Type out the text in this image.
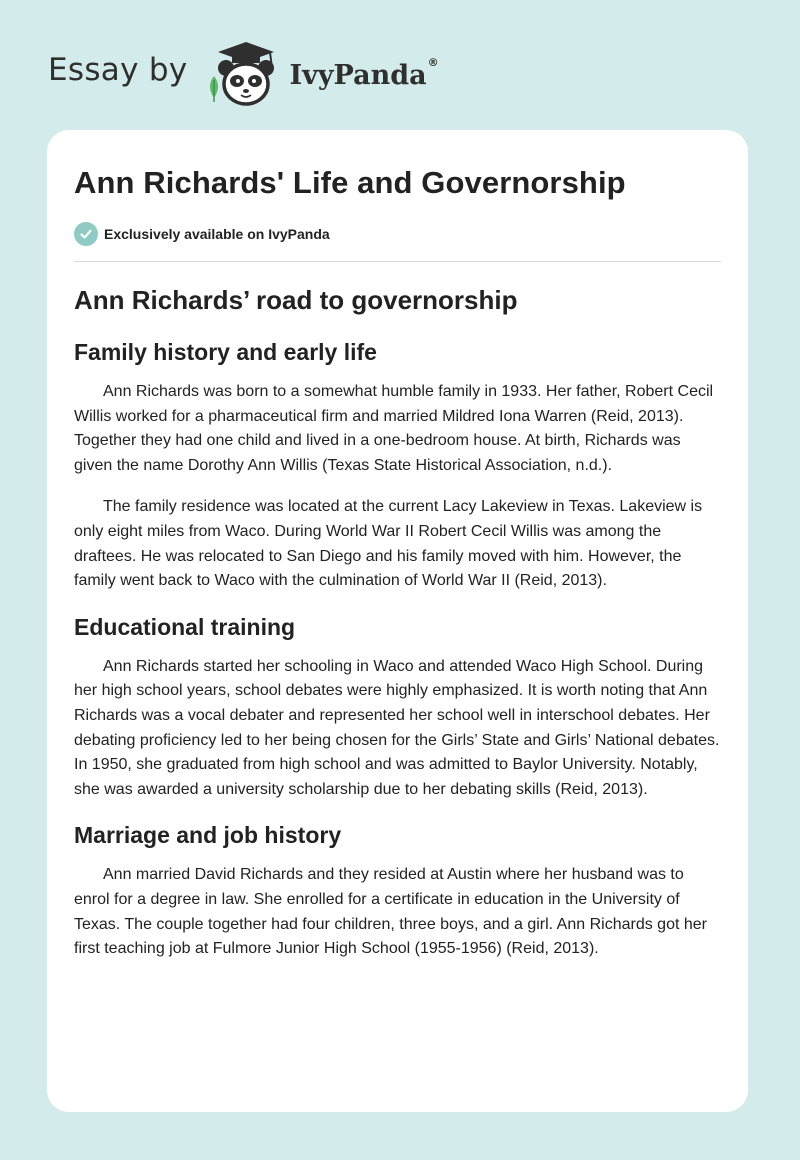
Essay by	IvyPanda®
Ann Richards' Life and Governorship
Exclusively available on IvyPanda
Ann Richards’ road to governorship
Family history and early life

Ann Richards was born to a somewhat humble family in 1933. Her father, Robert Cecil Willis worked for a pharmaceutical firm and married Mildred Iona Warren (Reid, 2013). Together they had one child and lived in a one-bedroom house. At birth, Richards was given the name Dorothy Ann Willis (Texas State Historical Association, n.d.).

The family residence was located at the current Lacy Lakeview in Texas. Lakeview is only eight miles from Waco. During World War II Robert Cecil Willis was among the draftees. He was relocated to San Diego and his family moved with him. However, the family went back to Waco with the culmination of World War II (Reid, 2013).

Educational training

Ann Richards started her schooling in Waco and attended Waco High School. During her high school years, school debates were highly emphasized. It is worth noting that Ann Richards was a vocal debater and represented her school well in interschool debates. Her debating proficiency led to her being chosen for the Girls’ State and Girls’ National debates. In 1950, she graduated from high school and was admitted to Baylor University. Notably, she was awarded a university scholarship due to her debating skills (Reid, 2013).

Marriage and job history

Ann married David Richards and they resided at Austin where her husband was to enrol for a degree in law. She enrolled for a certificate in education in the University of Texas. The couple together had four children, three boys, and a girl. Ann Richards got her first teaching job at Fulmore Junior High School (1955-1956) (Reid, 2013).
